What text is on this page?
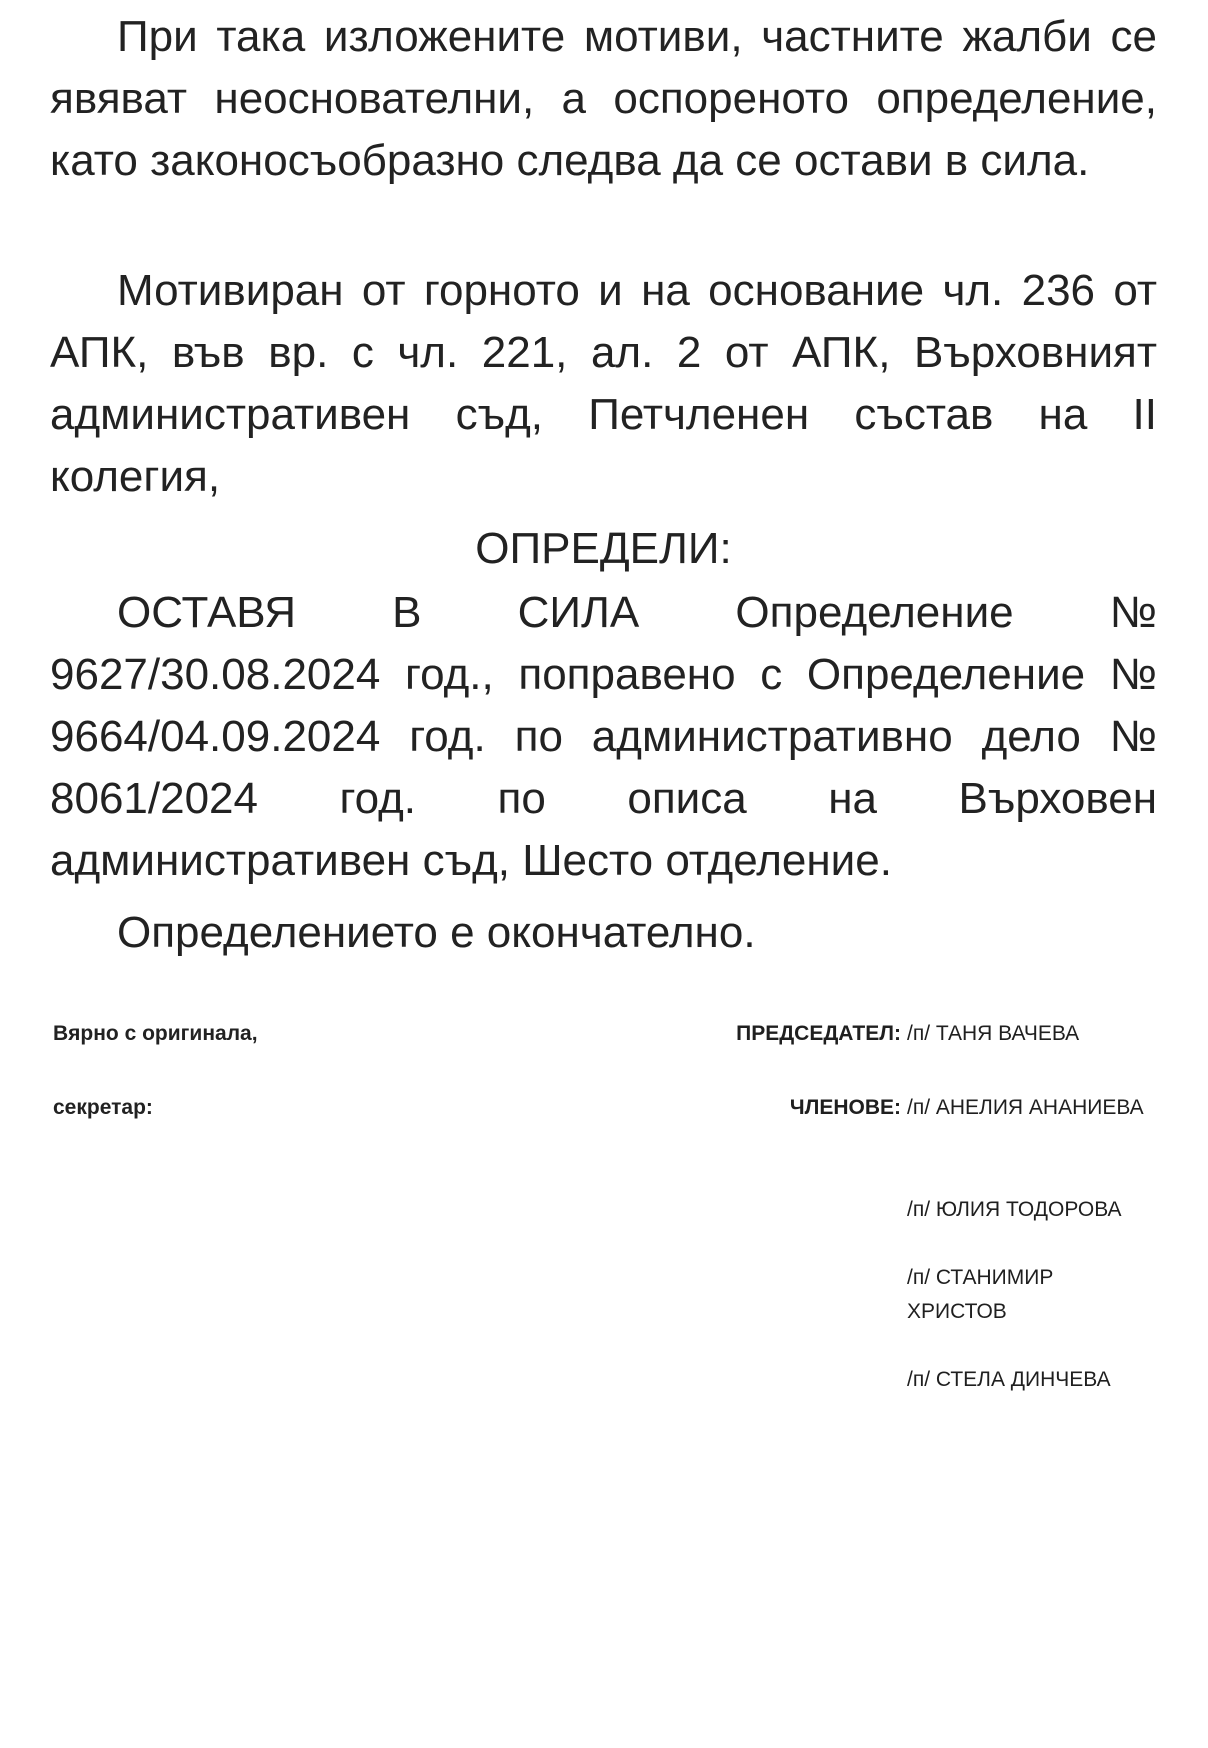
При така изложените мотиви, частните жалби се явяват неоснователни, а оспореното определение, като законосъобразно следва да се остави в сила.

Мотивиран от горното и на основание чл. 236 от АПК, във вр. с чл. 221, ал. 2 от АПК, Върховният административен съд, Петчленен състав на II колегия,

ОПРЕДЕЛИ:

ОСТАВЯ В СИЛА Определение № 9627/30.08.2024 год., поправено с Определение № 9664/04.09.2024 год. по административно дело № 8061/2024 год. по описа на Върховен административен съд, Шесто отделение.

Определението е окончателно.

Вярно с оригинала,
секретар:
ПРЕДСЕДАТЕЛ: /п/ ТАНЯ ВАЧЕВА
ЧЛЕНОВЕ: /п/ АНЕЛИЯ АНАНИЕВА
/п/ ЮЛИЯ ТОДОРОВА
/п/ СТАНИМИР ХРИСТОВ
/п/ СТЕЛА ДИНЧЕВА
